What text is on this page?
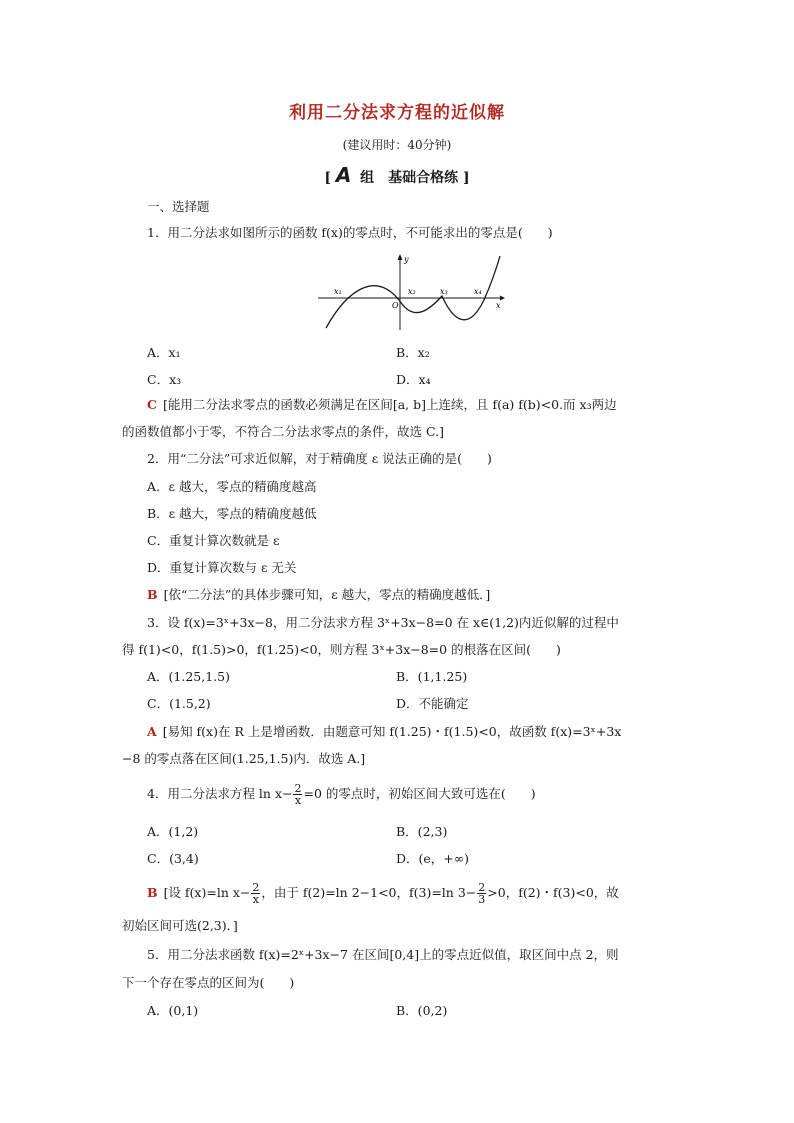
利用二分法求方程的近似解
(建议用时：40分钟)
[ A 组　基础合格练 ]
一、选择题
1．用二分法求如图所示的函数 f(x)的零点时，不可能求出的零点是(　　)
x₁	x₂	x₃	x₄
O	x
y
A．x₁	B．x₂
C．x₃	D．x₄
C [能用二分法求零点的函数必须满足在区间[a, b]上连续，且 f(a) f(b)<0.而 x₃两边
的函数值都小于零，不符合二分法求零点的条件，故选 C.]
2．用“二分法”可求近似解，对于精确度 ε 说法正确的是(　　)
A．ε 越大，零点的精确度越高
B．ε 越大，零点的精确度越低
C．重复计算次数就是 ε
D．重复计算次数与 ε 无关
B [依“二分法”的具体步骤可知，ε 越大，零点的精确度越低．]
3．设 f(x)=3ˣ+3x−8，用二分法求方程 3ˣ+3x−8=0 在 x∈(1,2)内近似解的过程中
得 f(1)<0，f(1.5)>0，f(1.25)<0，则方程 3ˣ+3x−8=0 的根落在区间(　　)
A．(1.25,1.5)	B．(1,1.25)
C．(1.5,2)	D．不能确定
A [易知 f(x)在 R 上是增函数．由题意可知 f(1.25)・f(1.5)<0，故函数 f(x)=3ˣ+3x
−8 的零点落在区间(1.25,1.5)内．故选 A.]
4．用二分法求方程 $\ln x- \frac{2}{x} =0$ 的零点时，初始区间大致可选在(　　)
A．(1,2)	B．(2,3)
C．(3,4)	D．(e，+∞)
B [设 f(x)=ln $x- \frac{2}{x}$ ，由于 f(2)=ln 2−1<0，f(3)=ln $3- \frac{2}{3} >0$，f(2)・f(3)<0，故
初始区间可选(2,3)．]
5．用二分法求函数 f(x)=2ˣ+3x−7 在区间[0,4]上的零点近似值，取区间中点 2，则
下一个存在零点的区间为(　　)
A．(0,1)	B．(0,2)
